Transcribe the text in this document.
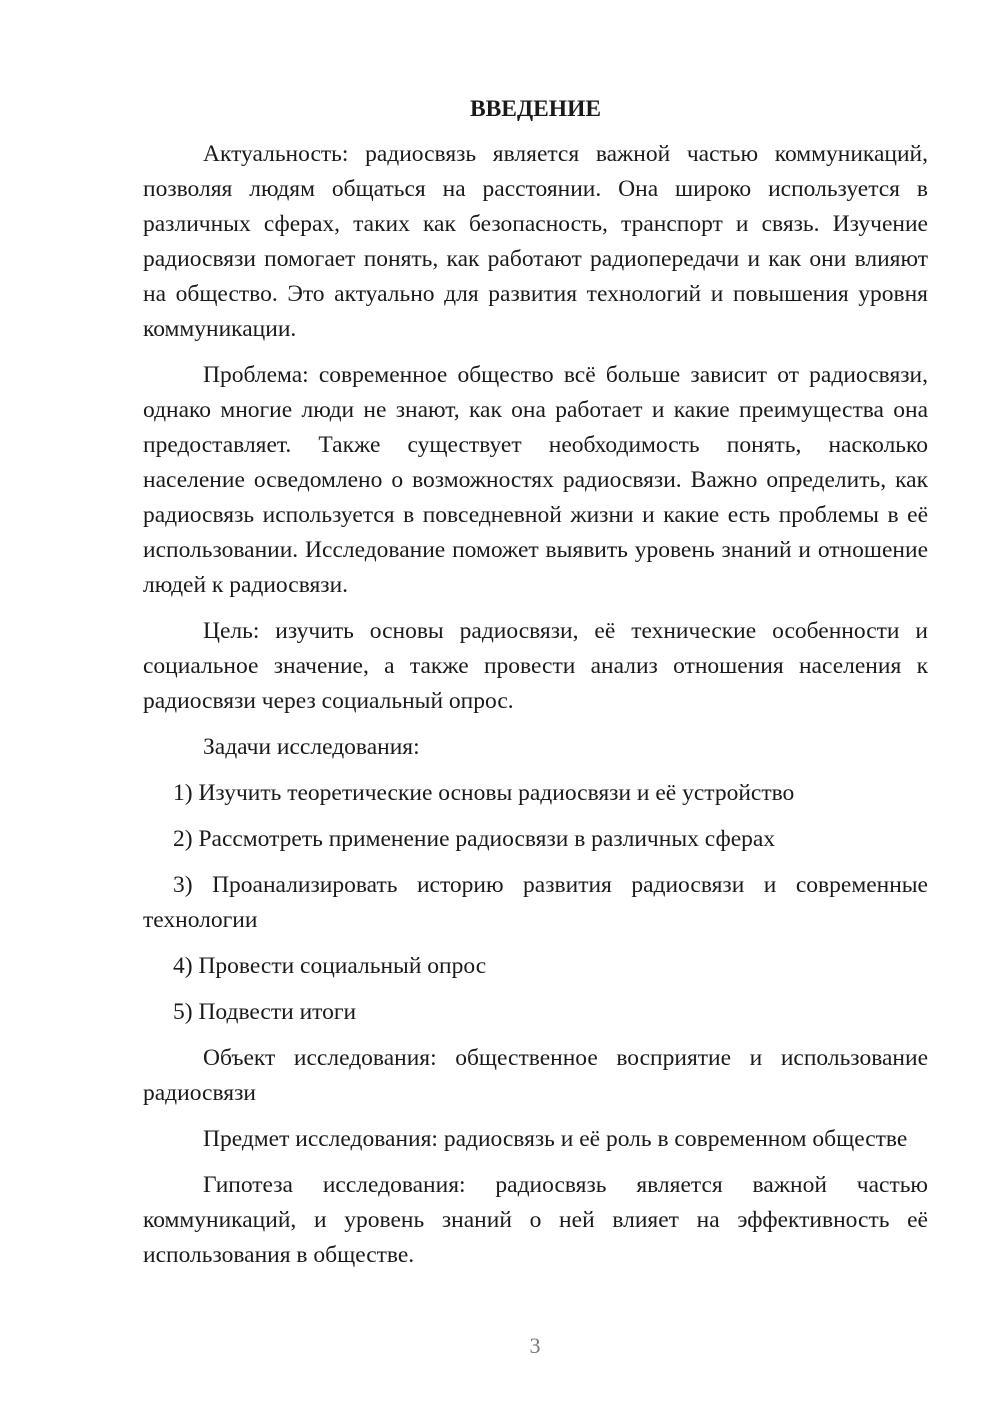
ВВЕДЕНИЕ

Актуальность: радиосвязь является важной частью коммуникаций, позволяя людям общаться на расстоянии. Она широко используется в различных сферах, таких как безопасность, транспорт и связь. Изучение радиосвязи помогает понять, как работают радиопередачи и как они влияют на общество. Это актуально для развития технологий и повышения уровня коммуникации.

Проблема: современное общество всё больше зависит от радиосвязи, однако многие люди не знают, как она работает и какие преимущества она предоставляет. Также существует необходимость понять, насколько население осведомлено о возможностях радиосвязи. Важно определить, как радиосвязь используется в повседневной жизни и какие есть проблемы в её использовании. Исследование поможет выявить уровень знаний и отношение людей к радиосвязи.

Цель: изучить основы радиосвязи, её технические особенности и социальное значение, а также провести анализ отношения населения к радиосвязи через социальный опрос.

Задачи исследования:

1) Изучить теоретические основы радиосвязи и её устройство

2) Рассмотреть применение радиосвязи в различных сферах

3) Проанализировать историю развития радиосвязи и современные технологии

4) Провести социальный опрос

5) Подвести итоги

Объект исследования: общественное восприятие и использование радиосвязи

Предмет исследования: радиосвязь и её роль в современном обществе

Гипотеза исследования: радиосвязь является важной частью коммуникаций, и уровень знаний о ней влияет на эффективность её использования в обществе.

3
